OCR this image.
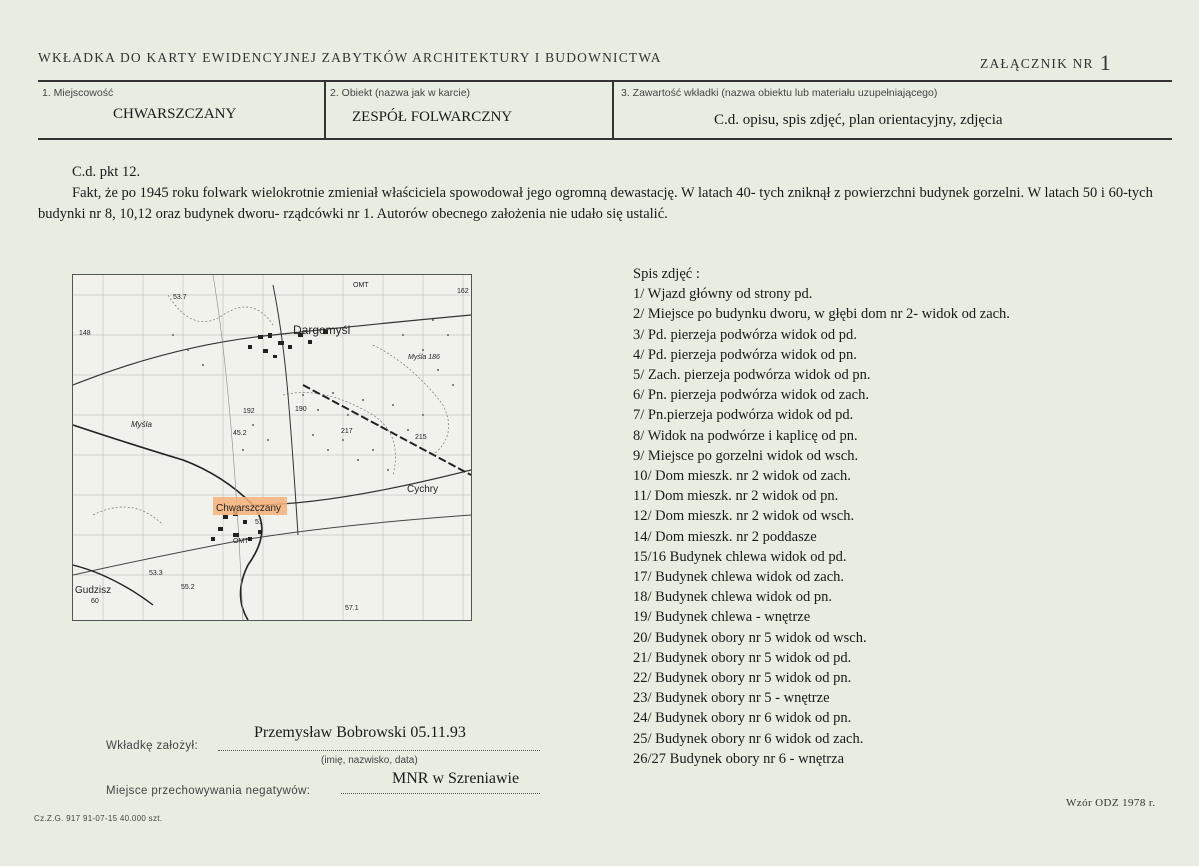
WKŁADKA DO KARTY EWIDENCYJNEJ ZABYTKÓW ARCHITEKTURY I BUDOWNICTWA	ZAŁĄCZNIK NR 1
1. Miejscowość
CHWARSZCZANY
2. Obiekt (nazwa jak w karcie)
ZESPÓŁ FOLWARCZNY
3. Zawartość wkładki (nazwa obiektu lub materiału uzupełniającego)
C.d. opisu, spis zdjęć, plan orientacyjny, zdjęcia
C.d. pkt 12.

Fakt, że po 1945 roku folwark wielokrotnie zmieniał właściciela spowodował jego ogromną dewastację. W latach 40- tych zniknął z powierzchni budynek gorzelni. W latach 50 i 60-tych budynki nr 8, 10,12 oraz budynek dworu- rządcówki nr 1. Autorów obecnego założenia nie udało się ustalić.

Dargomyśl
Chwarszczany
Cychry
Gudzisz
Myśla
Myśla 186
OMT
OMT
53.7
57.1
55.2
192	190
217
215
45.2
148
60
53.3
51
162
Spis zdjęć :
1/ Wjazd główny od strony pd.
2/ Miejsce po budynku dworu, w głębi dom nr 2- widok od zach.
3/ Pd. pierzeja podwórza widok od pd.
4/ Pd. pierzeja podwórza widok od pn.
5/ Zach. pierzeja podwórza widok od pn.
6/ Pn. pierzeja podwórza widok od zach.
7/ Pn.pierzeja podwórza widok od pd.
8/ Widok na podwórze i kaplicę od pn.
9/ Miejsce po gorzelni widok od wsch.
10/ Dom mieszk. nr 2 widok od zach.
11/ Dom mieszk. nr 2 widok od pn.
12/ Dom mieszk. nr 2 widok od wsch.
14/ Dom mieszk. nr 2 poddasze
15/16 Budynek chlewa widok od pd.
17/ Budynek chlewa widok od zach.
18/ Budynek chlewa widok od pn.
19/ Budynek chlewa - wnętrze
20/ Budynek obory nr 5 widok od wsch.
21/ Budynek obory nr 5 widok od pd.
22/ Budynek obory nr 5 widok od pn.
23/ Budynek obory nr 5 - wnętrze
24/ Budynek obory nr 6 widok od pn.
25/ Budynek obory nr 6 widok od zach.
26/27 Budynek obory nr 6 - wnętrza
Wkładkę założył:
Przemysław Bobrowski 05.11.93
(imię, nazwisko, data)
Miejsce przechowywania negatywów:
MNR w Szreniawie
Cz.Z.G. 917 91-07-15 40.000 szt.
Wzór ODZ 1978 r.
